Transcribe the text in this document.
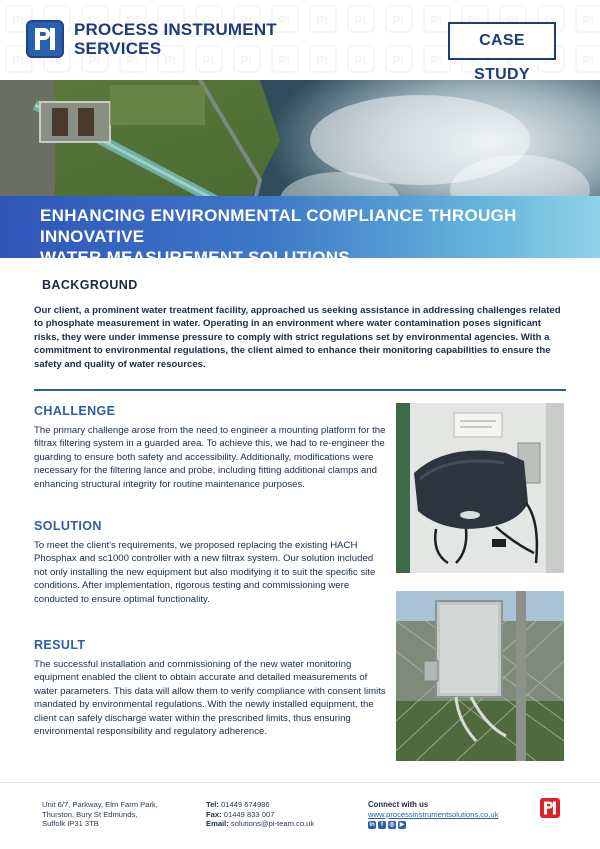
PROCESS INSTRUMENT
SERVICES	CASE STUDY
ENHANCING ENVIRONMENTAL COMPLIANCE THROUGH INNOVATIVE
WATER MEASUREMENT SOLUTIONS
BACKGROUND
Our client, a prominent water treatment facility, approached us seeking assistance in addressing challenges related to phosphate measurement in water. Operating in an environment where water contamination poses significant risks, they were under immense pressure to comply with strict regulations set by environmental agencies. With a commitment to environmental regulations, the client aimed to enhance their monitoring capabilities to ensure the safety and quality of water resources.
CHALLENGE
The primary challenge arose from the need to engineer a mounting platform for the filtrax filtering system in a guarded area. To achieve this, we had to re-engineer the guarding to ensure both safety and accessibility. Additionally, modifications were necessary for the filtering lance and probe, including fitting additional clamps and enhancing structural integrity for routine maintenance purposes.
SOLUTION
To meet the client's requirements, we proposed replacing the existing HACH Phosphax and sc1000 controller with a new filtrax system. Our solution included not only installing the new equipment but also modifying it to suit the specific site conditions. After implementation, rigorous testing and commissioning were conducted to ensure optimal functionality.
RESULT
The successful installation and commissioning of the new water monitoring equipment enabled the client to obtain accurate and detailed measurements of water parameters. This data will allow them to verify compliance with consent limits mandated by environmental regulations. With the newly installed equipment, the client can safely discharge water within the prescribed limits, thus ensuring environmental responsibility and regulatory adherence.
Unit 6/7, Parkway, Elm Farm Park,
Thurston, Bury St Edmunds,
Suffolk IP31 3TB
Tel: 01449 674986
Fax: 01449 833 007
Email: solutions@pi-team.co.uk
Connect with us
www.processinstrumentsolutions.co.uk
in	f	◎ ▶
